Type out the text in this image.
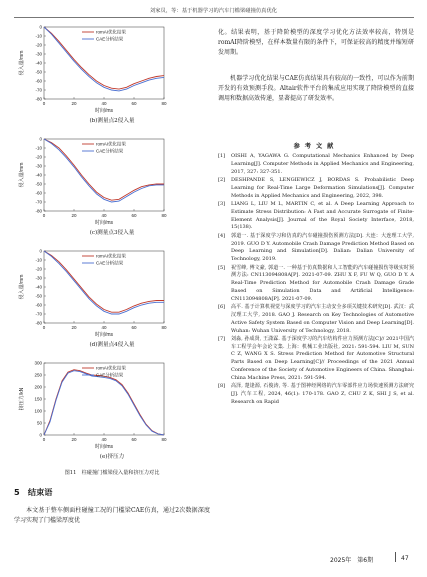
刘家员，等：基于机器学习的汽车门槛梁碰撞仿真优化
0
-10
-20
-30
-40
-50
-60
-70
-80
0	20	40	60	80
时间/ms
侵入量/mm
romAI优化结果
CAE分析结果
(b)测量点2侵入量
0
-10
-20
-30
-40
-50
-60
-70
-80
0	20	40	60	80
时间/ms
侵入量/mm
romAI优化结果
CAE分析结果
(c)测量点3侵入量
0
-10
-20
-30
-40
-50
-60
-70
-80
0	20	40	60	80
时间/ms
侵入量/mm
romAI优化结果
CAE分析结果
(d)测量点4侵入量
0
50
100
150
200
250
300
0	20	40	60	80
时间/ms
挤压力/kN
romAI优化结果
CAE分析结果
(e)挤压力
图11　柱碰撞门槛梁侵入量和挤压力对比
5　结束语
本文基于整车侧面柱碰撞工况的门槛梁CAE仿真，通过2次数据深度学习实现了门槛梁厚度优
化。结果表明，基于降阶模型的深度学习优化方法效率较高，特别是romAI降阶模型，在样本数量有限的条件下，可保证较高的精度并缩短研发周期。
机器学习优化结果与CAE仿真结果具有较高的一致性，可以作为前期开发的有效预测手段。Altair软件平台的集成应用实现了降阶模型的直接调用和数据高效传递，显著提高了研发效率。
参考文献
[1]	OISHI A, YAGAWA G. Computational Mechanics Enhanced by Deep Learning[J]. Computer Methods in Applied Mechanics and Engineering, 2017, 327: 327-351.
[2]	DESHPANDE S, LENGIEWICZ J, BORDAS S. Probabilistic Deep Learning for Real-Time Large Deformation Simulations[J]. Computer Methods in Applied Mechanics and Engineering, 2022, 398.
[3]	LIANG L, LIU M L, MARTIN C, et al. A Deep Learning Approach to Estimate Stress Distribution: A Fast and Accurate Surrogate of Finite-Element Analysis[J]. Journal of the Royal Society Interface, 2018, 15(138).
[4]	郭道一. 基于深度学习和仿真的汽车碰撞损伤预测方法[D]. 大连：大连理工大学, 2019. GUO D Y. Automobile Crash Damage Prediction Method Based on Deep Learning and Simulation[D]. Dalian: Dalian University of Technology, 2019.
[5]	祝雪峰, 傅文豪, 郭道一. 一种基于仿真数据和人工智能的汽车碰撞损伤等级实时预测方法: CN113094808A[P]. 2021-07-09. ZHU X F, FU W Q, GUO D Y. A Real-Time Prediction Method for Automobile Crash Damage Grade Based on Simulation Data and Artificial Intelligence: CN113094808A[P]. 2021-07-09.
[6]	高平. 基于计算机视觉与深度学习的汽车主动安全多项关键技术研究[D]. 武汉：武汉理工大学, 2018. GAO J. Research on Key Technologies of Automotive Active Safety System Based on Computer Vision and Deep Learning[D]. Wuhan: Wuhan University of Technology, 2018.
[7]	刘淼, 孙成贤, 王潇霖. 基于深度学习的汽车结构件应力预测方法[C]// 2021中国汽车工程学会年会论文集. 上海：机械工业出版社, 2021: 591-594. LIU M, SUN C Z, WANG X S. Stress Prediction Method for Automotive Structural Parts Based on Deep Learning[C]// Proceedings of the 2021 Annual Conference of the Society of Automotive Engineers of China. Shanghai: China Machine Press, 2021: 591-594.
[8]	高泽, 楚逢源, 石俊涛, 等. 基于图神经网络的汽车零部件应力场快速预测方法研究[J]. 汽车工程, 2024, 46(1): 170-178. GAO Z, CHU Z K, SHI J S, et al. Research on Rapid
2025年　第6期	47
